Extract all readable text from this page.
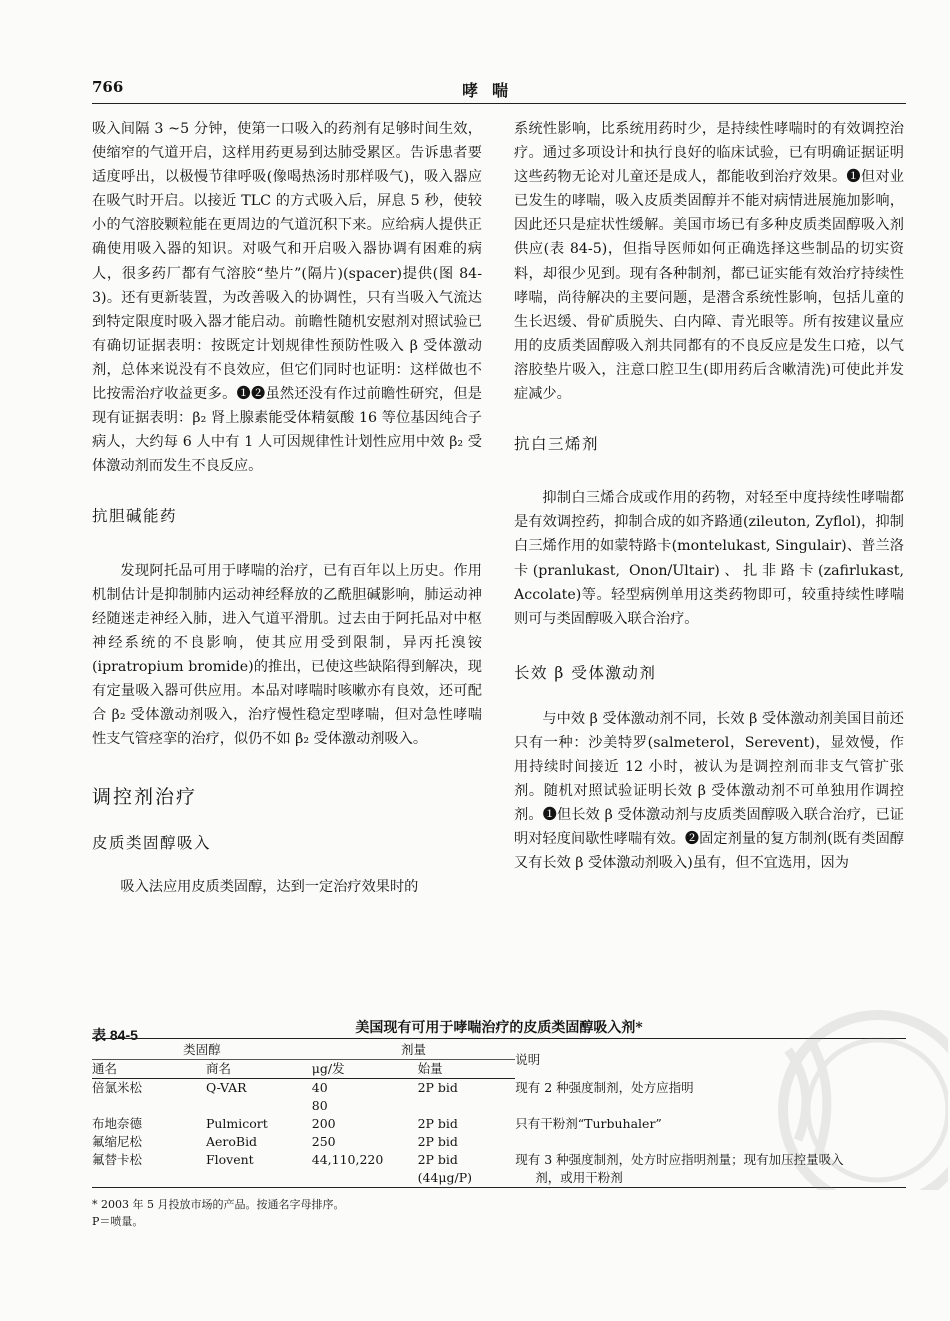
766	哮喘

吸入间隔 3 ~5 分钟，使第一口吸入的药剂有足够时间生效，使缩窄的气道开启，这样用药更易到达肺受累区。告诉患者要适度呼出，以极慢节律呼吸(像喝热汤时那样吸气)，吸入器应在吸气时开启。以接近 TLC 的方式吸入后，屏息 5 秒，使较小的气溶胶颗粒能在更周边的气道沉积下来。应给病人提供正确使用吸入器的知识。对吸气和开启吸入器协调有困难的病人，很多药厂都有气溶胶“垫片”(隔片)(spacer)提供(图 84-3)。还有更新装置，为改善吸入的协调性，只有当吸入气流达到特定限度时吸入器才能启动。前瞻性随机安慰剂对照试验已有确切证据表明：按既定计划规律性预防性吸入 β 受体激动剂，总体来说没有不良效应，但它们同时也证明：这样做也不比按需治疗收益更多。❶❷虽然还没有作过前瞻性研究，但是现有证据表明：β₂ 肾上腺素能受体精氨酸 16 等位基因纯合子病人，大约每 6 人中有 1 人可因规律性计划性应用中效 β₂ 受体激动剂而发生不良反应。

抗胆碱能药

发现阿托品可用于哮喘的治疗，已有百年以上历史。作用机制估计是抑制肺内运动神经释放的乙酰胆碱影响，肺运动神经随迷走神经入肺，进入气道平滑肌。过去由于阿托品对中枢神经系统的不良影响，使其应用受到限制，异丙托溴铵(ipratropium bromide)的推出，已使这些缺陷得到解决，现有定量吸入器可供应用。本品对哮喘时咳嗽亦有良效，还可配合 β₂ 受体激动剂吸入，治疗慢性稳定型哮喘，但对急性哮喘性支气管痉挛的治疗，似仍不如 β₂ 受体激动剂吸入。

调控剂治疗
皮质类固醇吸入

吸入法应用皮质类固醇，达到一定治疗效果时的

系统性影响，比系统用药时少，是持续性哮喘时的有效调控治疗。通过多项设计和执行良好的临床试验，已有明确证据证明这些药物无论对儿童还是成人，都能收到治疗效果。❶但对业已发生的哮喘，吸入皮质类固醇并不能对病情进展施加影响，因此还只是症状性缓解。美国市场已有多种皮质类固醇吸入剂供应(表 84-5)，但指导医师如何正确选择这些制品的切实资料，却很少见到。现有各种制剂，都已证实能有效治疗持续性哮喘，尚待解决的主要问题，是潜含系统性影响，包括儿童的生长迟缓、骨矿质脱失、白内障、青光眼等。所有按建议量应用的皮质类固醇吸入剂共同都有的不良反应是发生口疮，以气溶胶垫片吸入，注意口腔卫生(即用药后含嗽清洗)可使此并发症减少。

抗白三烯剂

抑制白三烯合成或作用的药物，对轻至中度持续性哮喘都是有效调控药，抑制合成的如齐路通(zileuton, Zyflol)，抑制白三烯作用的如蒙特路卡(montelukast, Singulair)、普兰洛卡(pranlukast, Onon/Ultair)、扎非路卡(zafirlukast, Accolate)等。轻型病例单用这类药物即可，较重持续性哮喘则可与类固醇吸入联合治疗。

长效 β 受体激动剂

与中效 β 受体激动剂不同，长效 β 受体激动剂美国目前还只有一种：沙美特罗(salmeterol，Serevent)，显效慢，作用持续时间接近 12 小时，被认为是调控剂而非支气管扩张剂。随机对照试验证明长效 β 受体激动剂不可单独用作调控剂。❶但长效 β 受体激动剂与皮质类固醇吸入联合治疗，已证明对轻度间歇性哮喘有效。❷固定剂量的复方制剂(既有类固醇又有长效 β 受体激动剂吸入)虽有，但不宜选用，因为

表 84-5	美国现有可用于哮喘治疗的皮质类固醇吸入剂*
类固醇		剂量		说明
通名	商名	μg/发	始量	
倍氯米松	Q-VAR	40	2P bid	现有 2 种强度制剂，处方应指明
		80		
布地奈德	Pulmicort	200	2P bid	只有干粉剂“Turbuhaler”
氟缩尼松	AeroBid	250	2P bid	
氟替卡松	Flovent	44,110,220	2P bid	现有 3 种强度制剂，处方时应指明剂量；现有加压控量吸入
			(44μg/P)	剂，或用干粉剂

* 2003 年 5 月投放市场的产品。按通名字母排序。

P＝喷量。
